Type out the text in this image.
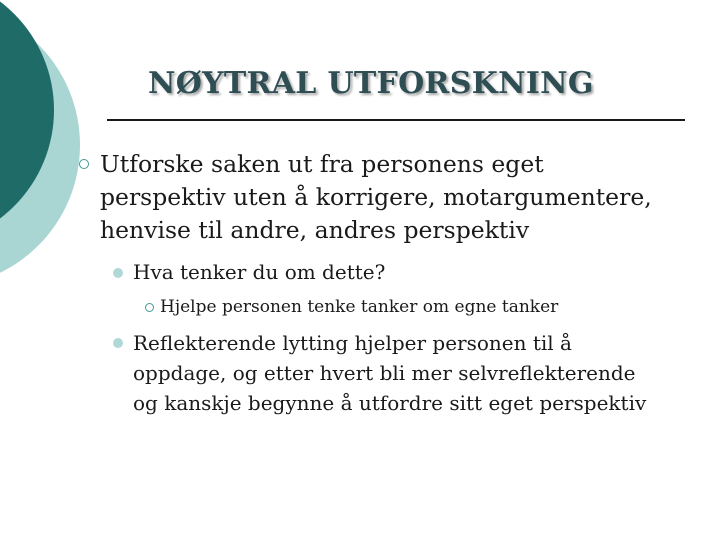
NØYTRAL UTFORSKNING
Utforske saken ut fra personens eget
perspektiv uten å korrigere, motargumentere,
henvise til andre, andres perspektiv
Hva tenker du om dette?
Hjelpe personen tenke tanker om egne tanker
Reflekterende lytting hjelper personen til å
oppdage, og etter hvert bli mer selvreflekterende
og kanskje begynne å utfordre sitt eget perspektiv
